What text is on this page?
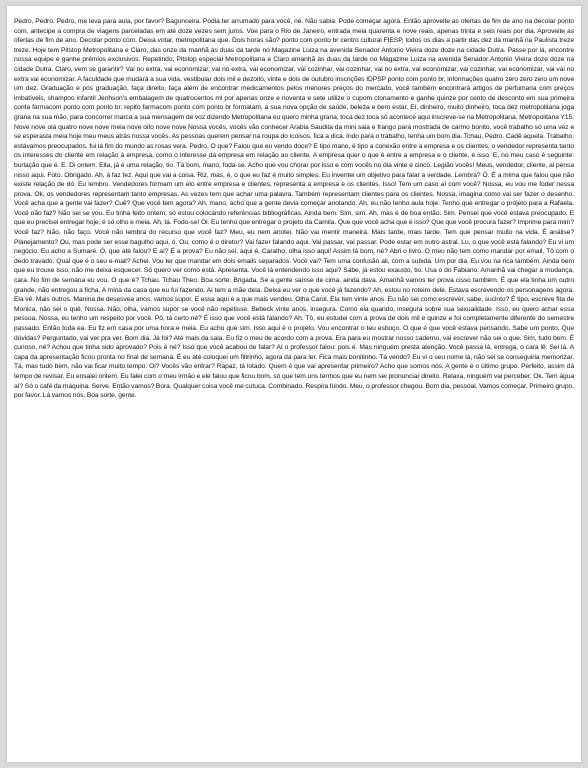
Pedro, Pedro. Pedro, me leva para aula, por favor? Bagunceira. Podia ter arrumado para você, né. Não sabia. Pode começar agora. Então aproveite as ofertas de fim de ano na decolar ponto com, antecipe a compra de viagens parceladas em até doze vezes sem juros. Voe para o Rio de Janeiro, entrada meia quarenta e nove reais, apenas trinta e seis reais por dia. Aproveite as ofertas de fim de ano. Decolar ponto com. Deixa votar, metropolitana que. Dois horas são? ponto com ponto br centro cultural FIESP, todos os dias a partir das dez da manhã na Paulista treze treze. Hoje tem Pitstop Metropolitana e Claro, das onze da manhã às duas da tarde no Magazine Luiza na avenida Senador Antonio Vieira doze doze na cidade Dutra. Passe por lá, encontre nossa equipe e ganhe prêmios exclusivos. Repetindo, Pitstop especial Metropolitana e Claro amanhã às duas da tarde no Magazine Luiza na avenida Senador Antonio Vieira doze doze na cidade Dutra. Claro, vem se garantir? Vai no extra, vai economizar, vai no extra, vai economizar, vai cozinhar, vai cozinhar, vai no extra, vai economizar, vai cozinhar, vai economizar, vai vai no extra vai economizar. A faculdade que mudará a sua vida, vestibular dois mil e dezoito, vinte e dois de outubro inscrições IDPSP ponto com ponto br, informações quatro zero zero zero um nove um dez. Graduação e pós graduação, faça direito, faça além de encontrar medicamentos pelos menores preços do mercado, você também encontrará artigos de perfumaria com preços imbatíveis, shampoo infantil Jenhson's embalagem de quatrocentos ml por apenas onze e noventa e sete utilize o cupom ctonamento e ganhe quinze por cento de desconto em sua primeira conta farmacom ponto com ponto br, repito farmacom ponto com ponto br formatam, a sua nova opção de saúde, beleza e bem estar. Eí, dinheiro, muito dinheiro, toca dez metropolitana joga grana na sua mão, para concorrer marca a sua mensagem de voz dizendo Metropolitana eu quero minha grana, toca dez toca só acontece aqui inscreve-se na Metropolitana. Metropolitana Y15. Nove nove olá quatro nove nove meia nove oito nove nove Nossa vocês, vocês vão conhecer Arabia Saudita da mini saia e frango para mostrada de carmo bonito, você trabalho só uma vez e se esperasta meia hoje meu meus atrás nossa vocês. As pessoas querem pensar na roupa do ícoisos, fica a dica. Indo para o trabalho, tenha um bom dia. Tchau, Pedro. Cadê aquela. Trabalho, estávamos preocupados, fui lá fim do mundo as rosas vera. Pedro. O que? Falou que eu vendo doce? E tipo mano, é tipo a conexão entre a empresa e os clientes, o vendedor representa tanto os interesses do cliente em relação à empresa, como o interesse da empresa em relação ao cliente. A empresa quer o que é entre a empresa e o cliente, é isso. E, no meu caso é seguinte: burlação que é. E. Di ontem. Eita, já é uma relação, tio. Tá bom, mano, foda-se. Acho que vou chorar por isso e com vocês no dia vinte e cinco. Legião vocês! Meus, vendedor, cliente, ai pensa nisso aqui. Foto. Obrigado. Ah, á faz fez. Aqui que vai a coisa. Riz, mas, é, o que eu faz é muito simples. Eu inventei um objetivo para falar a verdade. Lembra? Ó. É a mima que falou que não existe relação de dó. Eu lembro. Vendedores formam um elo entre empresa e clientes, representa a empresa e os clientes. Isso! Tem um caso aí com você? Nossa, eu vou me foder nessa prova. Ok, os vendedores representam tanto empresas. As vezes tem que achar uma palavra. Também representam clientes para os clientes. Nossa, imagina como vai ser fazer o desenho. Você acha que a gente vai fazer? Cuê? Que você tem agora? Ah, mano, acho que a gente devia começar anotando. Ah, eu não tenho aula hoje. Tenho que entregar o projeto para a Rafaela. Você não faz? Não sei se vou. Eu tinha feito ontem, só estou colocando referências bibliográficas. Ainda bem. Sim, sim. Ah, mas é de boa então. Sim. Pensei que você estava preocupado. E que eu precisei entregar hoje, é só olho e meia. Ah, tá. Fodo-se! Oi. Eu tenho que entregar o projeto da Camila. Que que você acha que é isso? Que que você procura fazer? Imprime para mim? Você faz? Não, não faço. Você não lembra do recurso que você faz? Meu, eu nem anotei. Não vai mentir maneira. Mais tarde, mais tarde. Tem que pensar muito na vida. É análise? Planejamento? Ou, mas pode ser esse bagulho aqui, ó. Ou, como é o diretor? Vai fazer falando aqui. Vai passar, vai passar. Pode estar em outro astral. Lu, o que você está falando? Eu vi um negócio. Eu acho a Sumaré. Ó, que até falou? E aí? É a prova? Eu não sei, aqui é. Caralho, olha isso aqui! Assim tá bom, né? Abri o livro. O meu não tem como mandar por email. Tô com o dedo travado. Qual que é o seu e-mail? Achei. Vou ter que mandar em dois emails separados. Você vai? Tem uma confusão ali, com a subida. Um por dia. Eu vou na rica também. Ainda bem que eu trouxe isso, não me deixa esquecer. Só quero ver como está. Apresenta. Você lá entendendo isso aqui? Sabe, já estou exausto, tio. Usa o do Fabiano. Amanhã vai chegar a mudança, cara. No fim de semana eu vou. O que é? Tchau. Tchau Theo. Boa sorte. Brigada. Se a gente saísse de cima, ainda dava. Amanhã vamos ter prova cisso também. É que ela tinha um outro grande, não entregou a ficha. A mina da casa que eu fui fazendo. Aí tem a mãe dela. Deixa eu ver o que você já fazendo? Ah, estou no roteiro dele. Estava escrevendo os personagens agora. Ela vê. Mais outros. Manina de desesvea anos, vamos supor. E essa aqui é a que mais vendeu. Olha Carol. Ela tem vinte anos. Eu não sei como escrever, sabe, sucinto? É tipo, escreve fita de Monica, não sei o quê. Nossa. Não, olha, vamos supor se você não repetisse. Bebeck vinte anos, insegura. Como ela quando, insegura sobre sua sexualidade. Isso, eu quero achar essa pessoa. Nossa, eu tenho um respeito por você. Pô, tá certo né? É isso que você está falando? Ah. Tô, eu estudei com a prova de dois mil e quinze e foi completamente diferente do semestre passado. Então toda ea. Eu fiz em casa por uma hora e meia. Eu acho que sim. Isso aqui é o projeto. Vou encontrar o teu esboço. O que é que você estava pensando. Sabe um ponto. Que dúvidas? Perguntado, vai ver pra ver. Bom dia. Já foi? Até mais da sala. Eu fiz o meu de acordo com a prova. Era para eu mostrar nosso caderno, vai escrever não sei o que. Sim, tudo bem. É curioso, né? Achou que tinha sido aprovado? Pois é né? Isso que você acabou de falar? Aí o professor falou: pois é. Mas ninguém presta atenção. Você passa lá, entrega, o cara lê. Sei lá. A capa da apresentação ficou pronta no final de semana. É eu até coloquei um filtrinho, agora dá para ler. Fica mais bonitinho. Tá vendo? Eu vi o seu nome lá, não sei se conseguiria memorizar. Tá, mas tudo bem, não vai ficar muito tempo. Oi? Vocês vão entrar? Rapaz, tá lotado. Quem é que vai apresentar primeiro? Acho que somos nós. A gente é o último grupo. Perfeito, assim dá tempo de revisar. Eu ensaiei ontem. Eu falei com o meu irmão e ele falou que ficou bom, só que tem uns termos que eu nem sei pronunciar direito. Relaxa, ninguém vai perceber. Ok. Tem água aí? Só o café da máquina. Serve. Então vamos? Bora. Qualquer coisa você me cutuca. Combinado. Respira fundo. Meu, o professor chegou. Bom dia, pessoal. Vamos começar. Primeiro grupo, por favor. Lá vamos nós. Boa sorte, gente.
